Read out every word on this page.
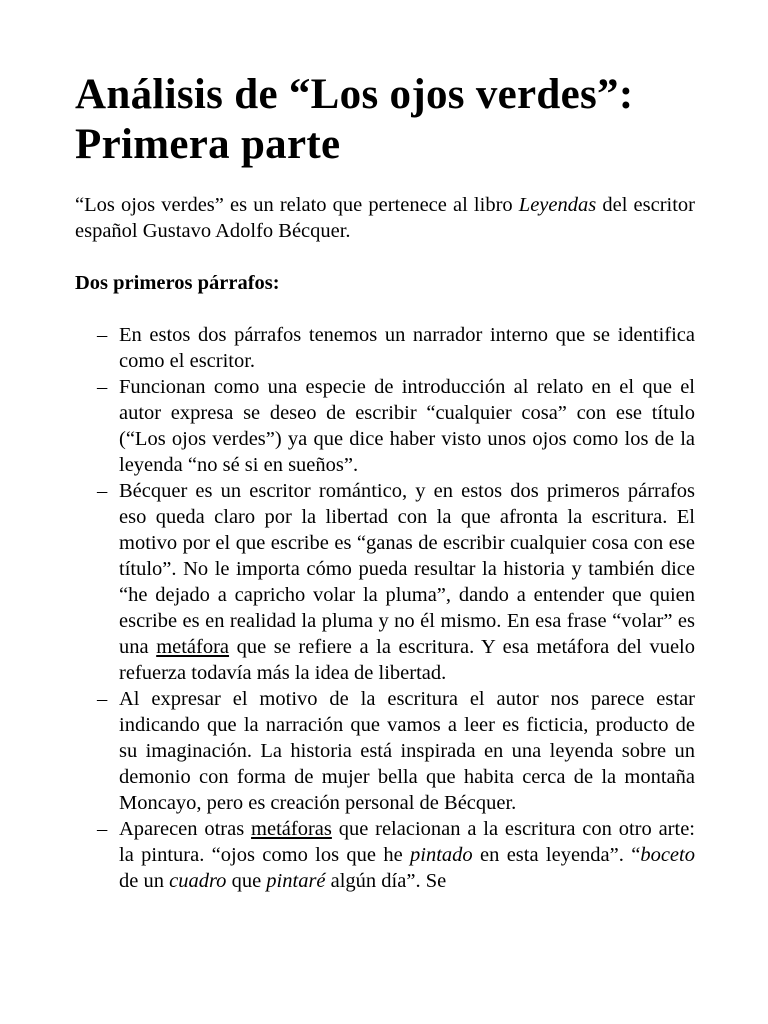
Análisis de “Los ojos verdes”:
Primera parte

“Los ojos verdes” es un relato que pertenece al libro Leyendas del escritor español Gustavo Adolfo Bécquer.

Dos primeros párrafos:

– En estos dos párrafos tenemos un narrador interno que se identifica como el escritor.
– Funcionan como una especie de introducción al relato en el que el autor expresa se deseo de escribir “cualquier cosa” con ese título (“Los ojos verdes”) ya que dice haber visto unos ojos como los de la leyenda “no sé si en sueños”.
– Bécquer es un escritor romántico, y en estos dos primeros párrafos eso queda claro por la libertad con la que afronta la escritura. El motivo por el que escribe es “ganas de escribir cualquier cosa con ese título”. No le importa cómo pueda resultar la historia y también dice “he dejado a capricho volar la pluma”, dando a entender que quien escribe es en realidad la pluma y no él mismo. En esa frase “volar” es una metáfora que se refiere a la escritura. Y esa metáfora del vuelo refuerza todavía más la idea de libertad.
– Al expresar el motivo de la escritura el autor nos parece estar indicando que la narración que vamos a leer es ficticia, producto de su imaginación. La historia está inspirada en una leyenda sobre un demonio con forma de mujer bella que habita cerca de la montaña Moncayo, pero es creación personal de Bécquer.
– Aparecen otras metáforas que relacionan a la escritura con otro arte: la pintura. “ojos como los que he pintado en esta leyenda”. “boceto de un cuadro que pintaré algún día”. Se
